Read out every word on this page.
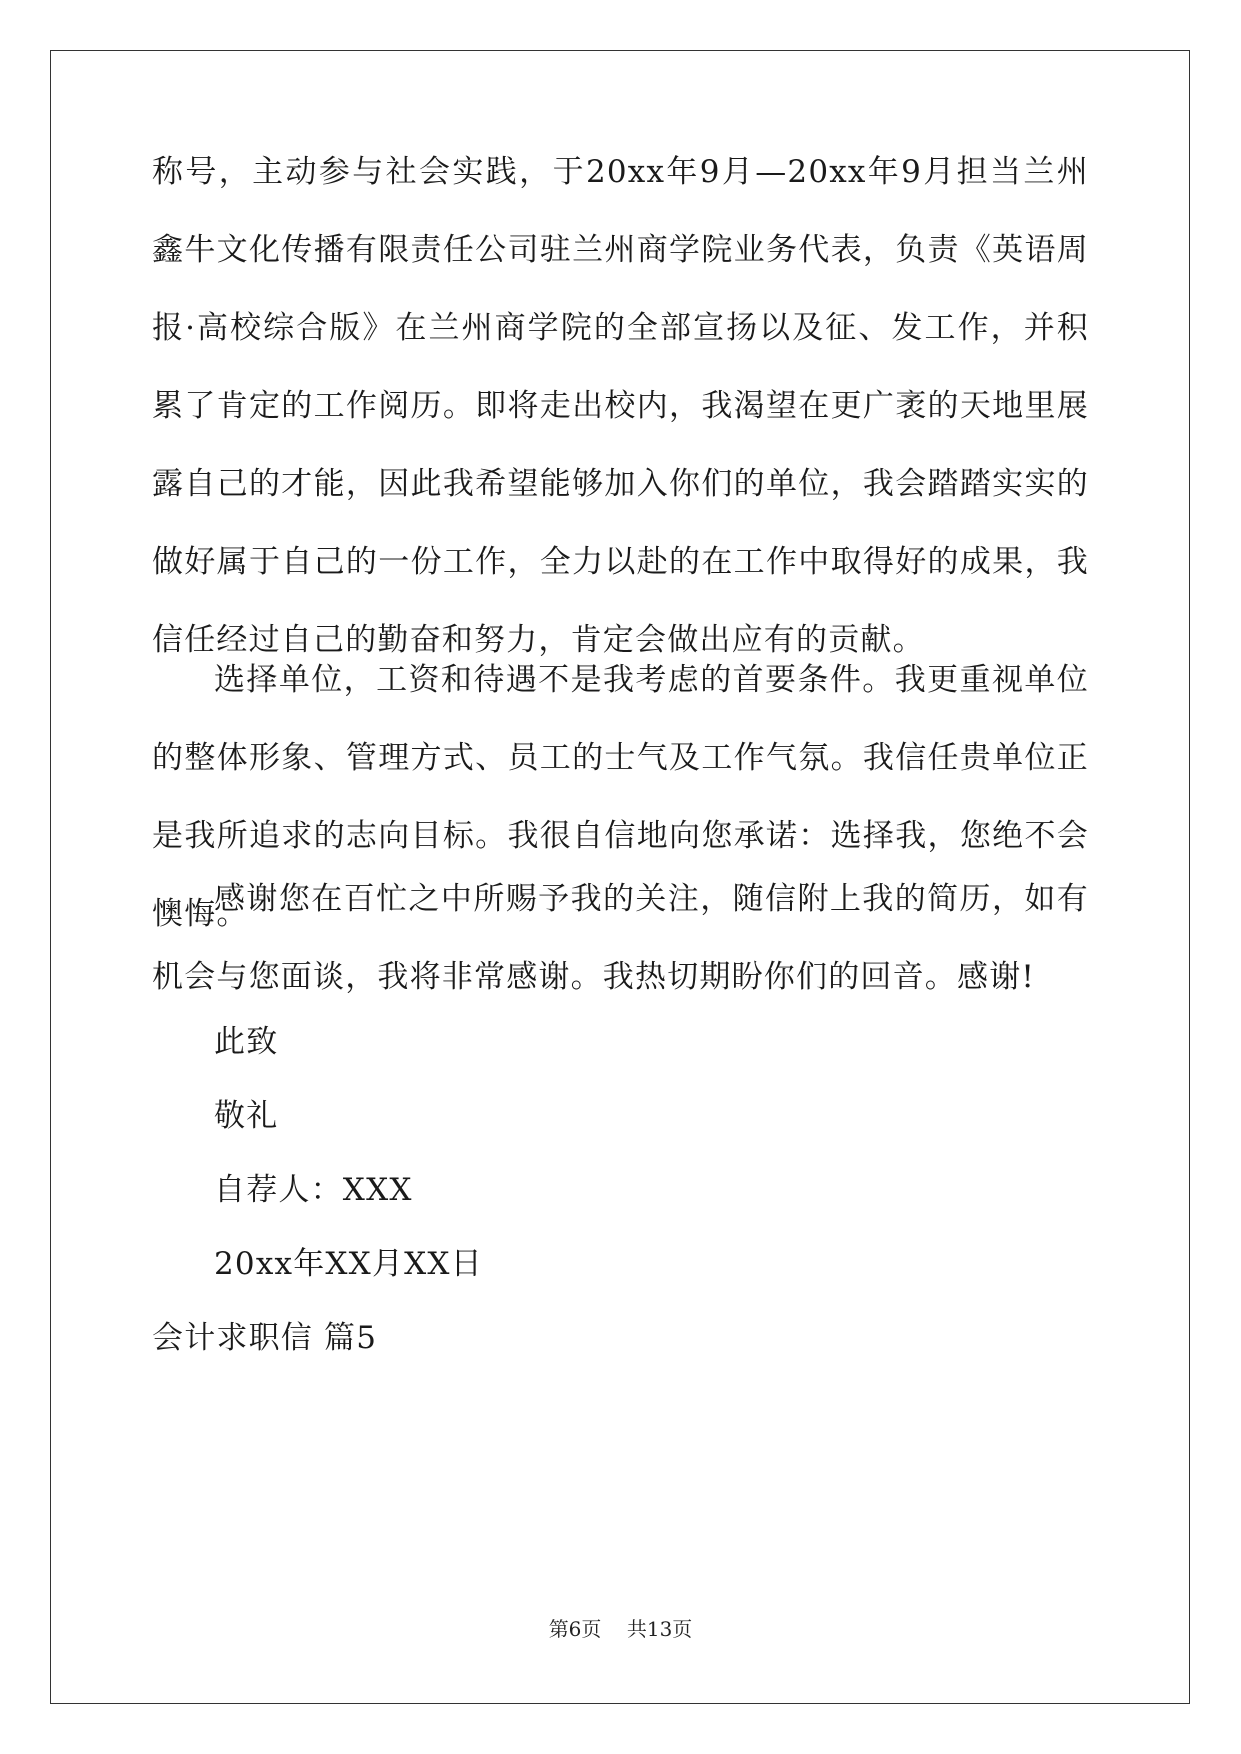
称号，主动参与社会实践，于20xx年9月—20xx年9月担当兰州鑫牛文化传播有限责任公司驻兰州商学院业务代表，负责《英语周报·高校综合版》在兰州商学院的全部宣扬以及征、发工作，并积累了肯定的工作阅历。即将走出校内，我渴望在更广袤的天地里展露自己的才能，因此我希望能够加入你们的单位，我会踏踏实实的做好属于自己的一份工作，全力以赴的在工作中取得好的成果，我信任经过自己的勤奋和努力，肯定会做出应有的贡献。

选择单位，工资和待遇不是我考虑的首要条件。我更重视单位的整体形象、管理方式、员工的士气及工作气氛。我信任贵单位正是我所追求的志向目标。我很自信地向您承诺：选择我，您绝不会懊悔。

感谢您在百忙之中所赐予我的关注，随信附上我的简历，如有机会与您面谈，我将非常感谢。我热切期盼你们的回音。感谢!

此致

敬礼

自荐人：XXX

20xx年XX月XX日

会计求职信 篇5

第6页    共13页
